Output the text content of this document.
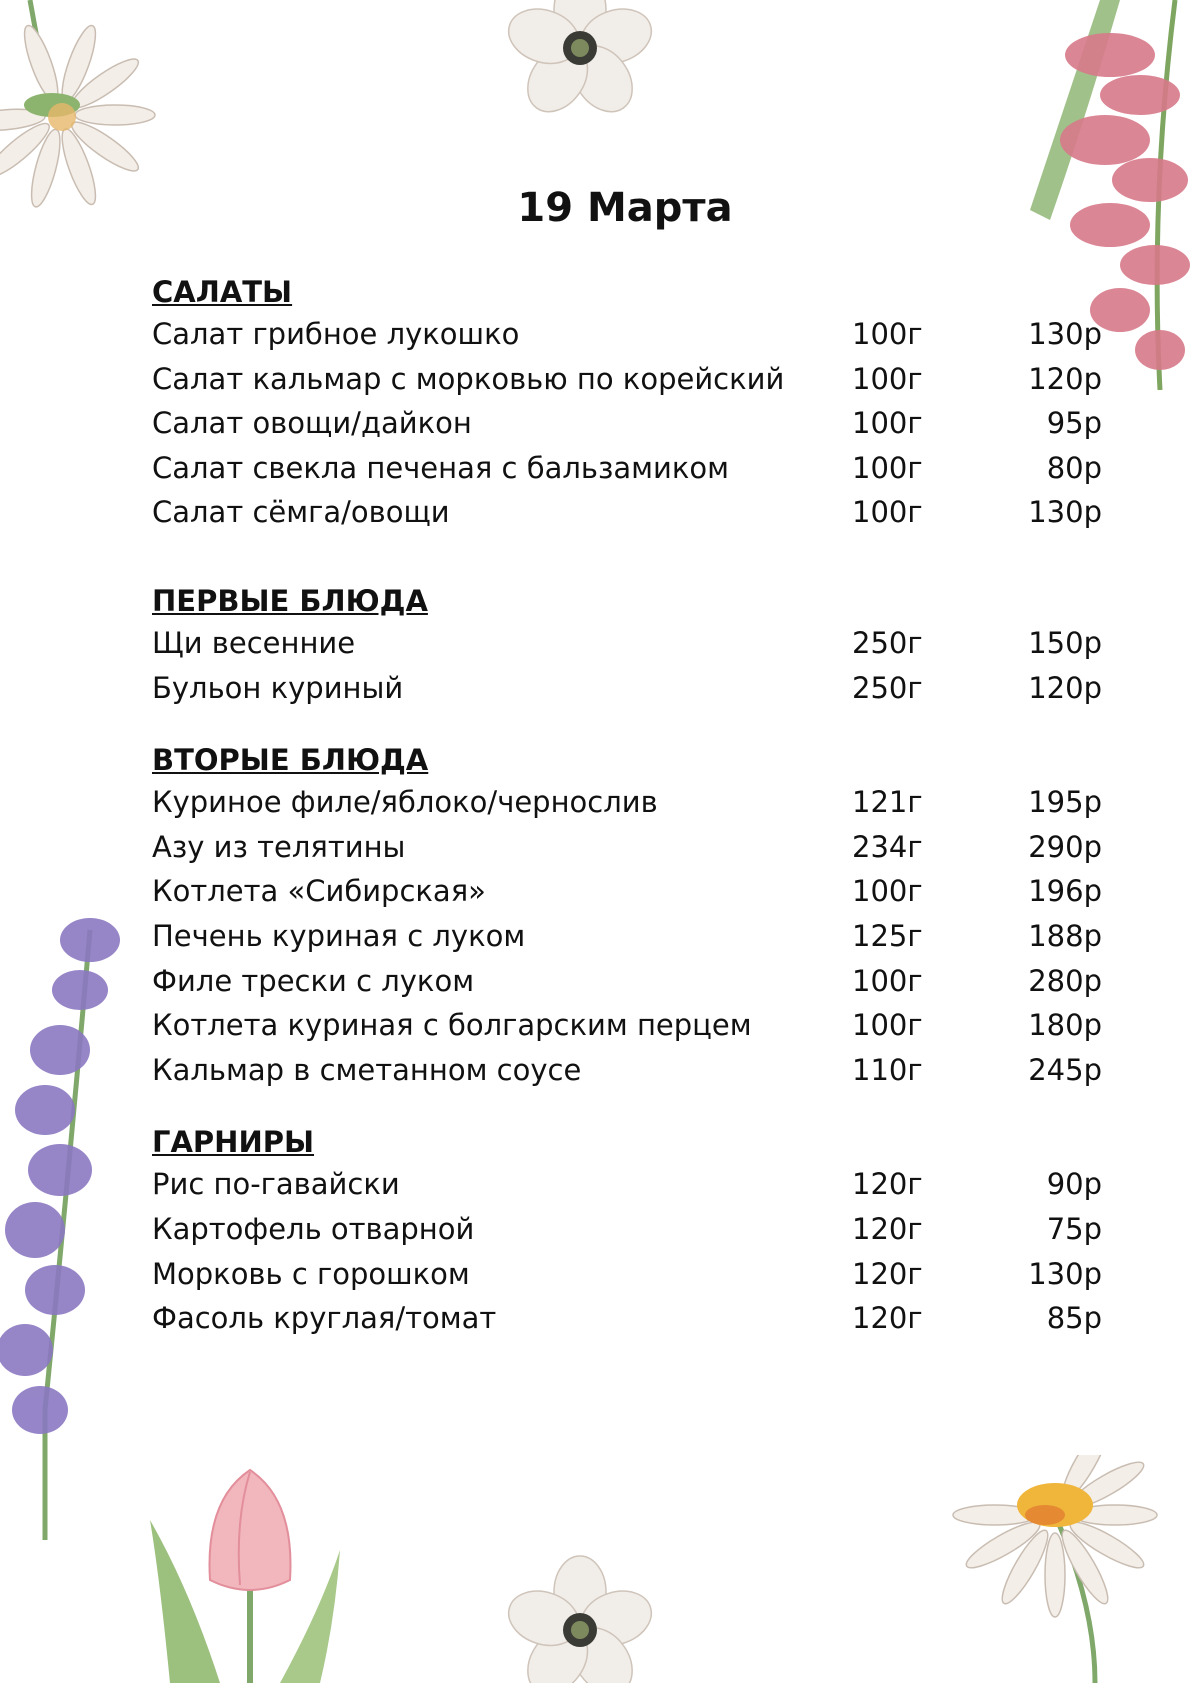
19 Марта
САЛАТЫ
Салат грибное лукошко	100г	130р
Салат кальмар с морковью по корейский	100г	120р
Салат овощи/дайкон	100г	95р
Салат свекла печеная с бальзамиком	100г	80р
Салат сёмга/овощи	100г	130р
ПЕРВЫЕ БЛЮДА
Щи весенние	250г	150р
Бульон куриный	250г	120р
ВТОРЫЕ БЛЮДА
Куриное филе/яблоко/чернослив	121г	195р
Азу из телятины	234г	290р
Котлета «Сибирская»	100г	196р
Печень куриная с луком	125г	188р
Филе трески с луком	100г	280р
Котлета куриная с болгарским перцем	100г	180р
Кальмар в сметанном соусе	110г	245р
ГАРНИРЫ
Рис по-гавайски	120г	90р
Картофель отварной	120г	75р
Морковь с горошком	120г	130р
Фасоль круглая/томат	120г	85р
